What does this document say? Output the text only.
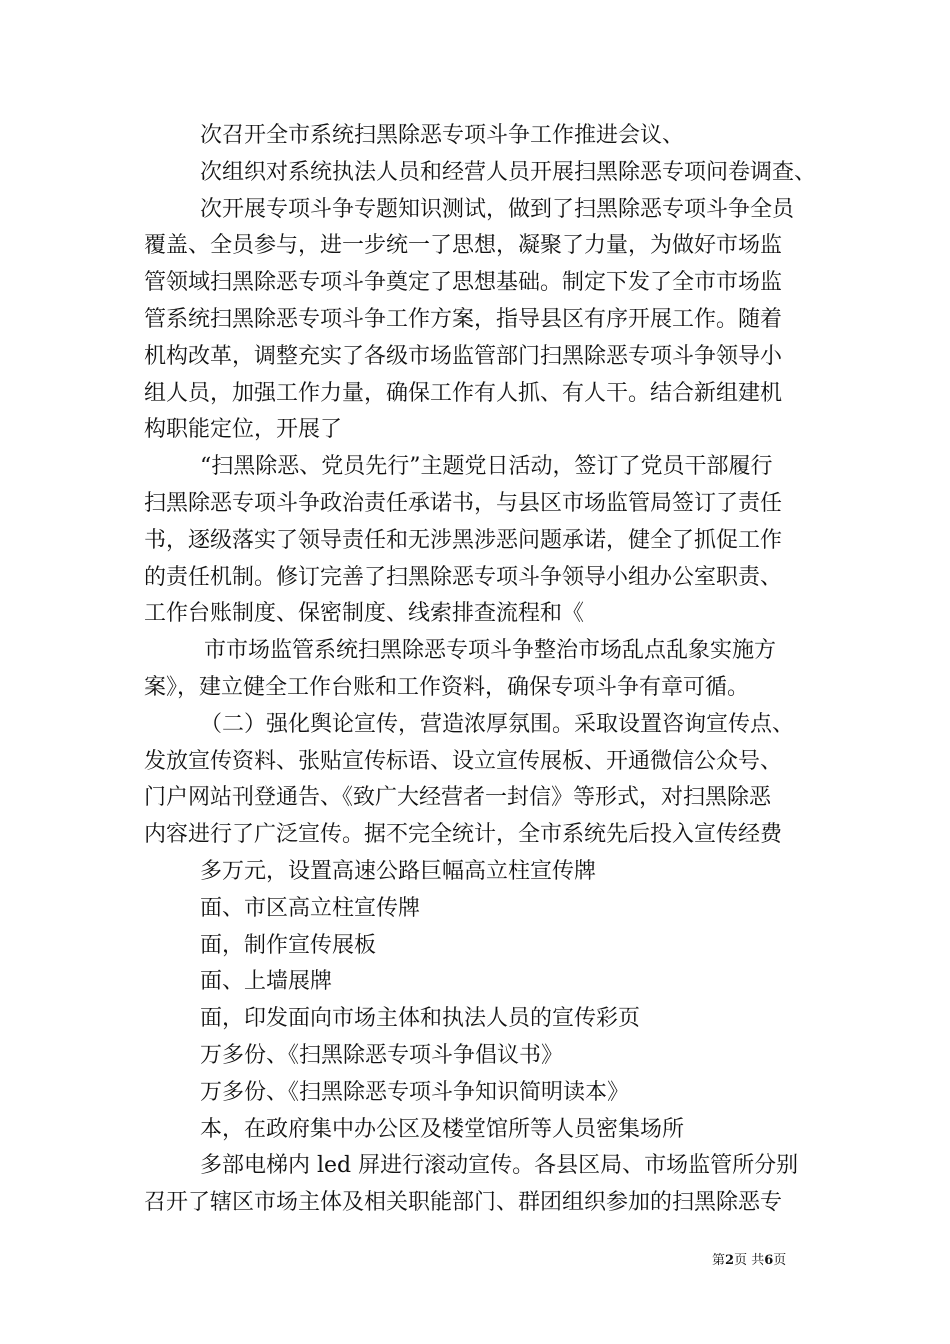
次召开全市系统扫黑除恶专项斗争工作推进会议、
次组织对系统执法人员和经营人员开展扫黑除恶专项问卷调查、
次开展专项斗争专题知识测试，做到了扫黑除恶专项斗争全员
覆盖、全员参与，进一步统一了思想，凝聚了力量，为做好市场监
管领域扫黑除恶专项斗争奠定了思想基础。制定下发了全市市场监
管系统扫黑除恶专项斗争工作方案，指导县区有序开展工作。随着
机构改革，调整充实了各级市场监管部门扫黑除恶专项斗争领导小
组人员，加强工作力量，确保工作有人抓、有人干。结合新组建机
构职能定位，开展了
“扫黑除恶、党员先行”主题党日活动，签订了党员干部履行
扫黑除恶专项斗争政治责任承诺书，与县区市场监管局签订了责任
书，逐级落实了领导责任和无涉黑涉恶问题承诺，健全了抓促工作
的责任机制。修订完善了扫黑除恶专项斗争领导小组办公室职责、
工作台账制度、保密制度、线索排查流程和《
市市场监管系统扫黑除恶专项斗争整治市场乱点乱象实施方
案》，建立健全工作台账和工作资料，确保专项斗争有章可循。
（二）强化舆论宣传，营造浓厚氛围。采取设置咨询宣传点、
发放宣传资料、张贴宣传标语、设立宣传展板、开通微信公众号、
门户网站刊登通告、《致广大经营者一封信》等形式，对扫黑除恶
内容进行了广泛宣传。据不完全统计，全市系统先后投入宣传经费
多万元，设置高速公路巨幅高立柱宣传牌
面、市区高立柱宣传牌
面，制作宣传展板
面、上墙展牌
面，印发面向市场主体和执法人员的宣传彩页
万多份、《扫黑除恶专项斗争倡议书》
万多份、《扫黑除恶专项斗争知识简明读本》
本，在政府集中办公区及楼堂馆所等人员密集场所
多部电梯内 led 屏进行滚动宣传。各县区局、市场监管所分别
召开了辖区市场主体及相关职能部门、群团组织参加的扫黑除恶专
第2页 共6页
